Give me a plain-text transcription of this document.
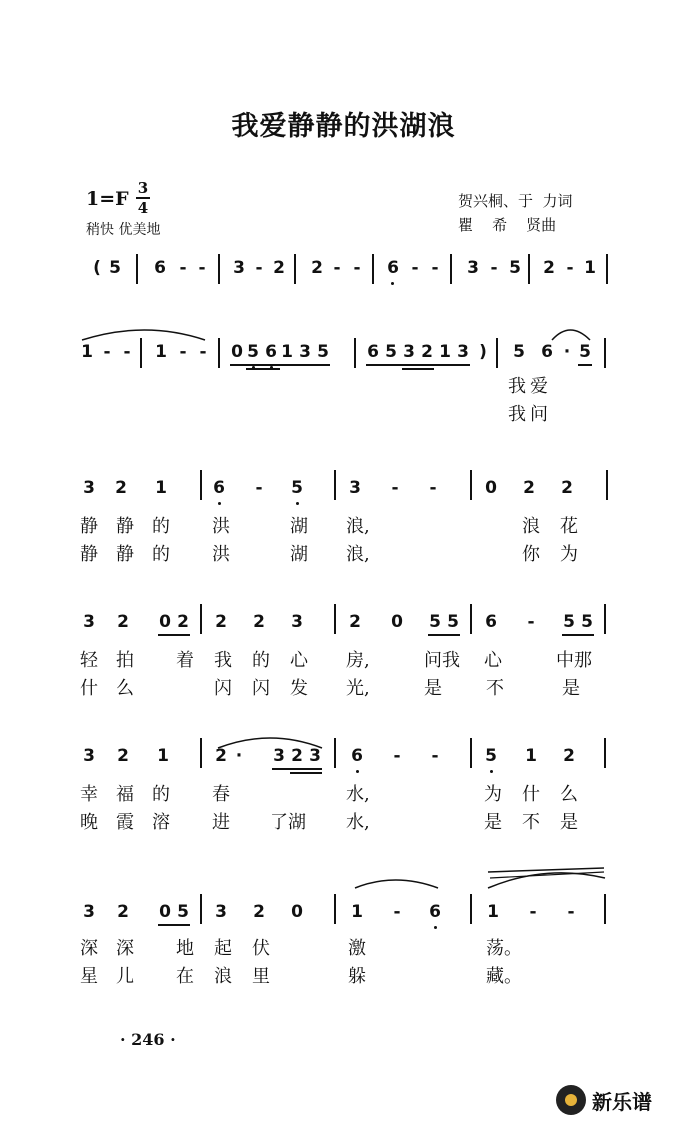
我爱静静的洪湖浪
1=F 3
4
稍快 优美地
贺兴桐、于  力词
瞿    希    贤曲
( 5 6 - - 3 - 2 2 - - 6 - - 3 - 5 2 - 1
1 - - 1 - - 0 5 6 1 3 5 6 5 3 2 1 3 ) 5 6 · 5
我爱
我问
3 2 1	6 - 5	3 - -	0 2 2
静 静 的 洪	湖 浪,	浪 花
静 静 的 洪	湖 浪,	你 为
3 2 0 2 2 2 3	2 0 5 5 6 - 5 5
轻 拍 着 我 的 心 房,	问我 心	中那
什 么	闪 闪 发 光,	是 不	是
3 2 1	2 · 3 2 3 6 - -	5 1 2
幸 福 的 春	水,	为 什 么
晚 霞 溶 进 了湖 水,	是 不 是
3 2 0 5 3 2 0	1 - 6	1 - -
深 深 地 起 伏	激	荡。
星 儿 在 浪 里	躲	藏。
· 246 ·
新乐谱
